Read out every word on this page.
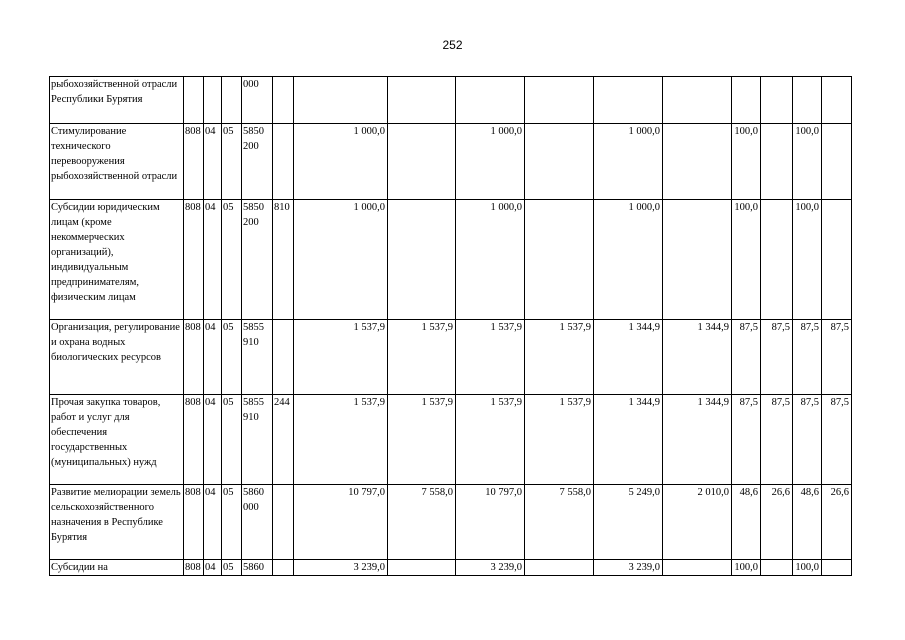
252
рыбохозяйственной отрасли Республики Бурятия				000											
Стимулирование технического перевооружения рыбохозяйственной отрасли	808	04	05	5850 200		1 000,0		1 000,0		1 000,0		100,0		100,0	
Субсидии юридическим лицам (кроме некоммерческих организаций), индивидуальным предпринимателям, физическим лицам	808	04	05	5850 200	810	1 000,0		1 000,0		1 000,0		100,0		100,0	
Организация, регулирование и охрана водных биологических ресурсов	808	04	05	5855 910		1 537,9	1 537,9	1 537,9	1 537,9	1 344,9	1 344,9	87,5	87,5	87,5	87,5
Прочая закупка товаров, работ и услуг для обеспечения государственных (муниципальных) нужд	808	04	05	5855 910	244	1 537,9	1 537,9	1 537,9	1 537,9	1 344,9	1 344,9	87,5	87,5	87,5	87,5
Развитие мелиорации земель сельскохозяйственного назначения в Республике Бурятия	808	04	05	5860 000		10 797,0	7 558,0	10 797,0	7 558,0	5 249,0	2 010,0	48,6	26,6	48,6	26,6
Субсидии на	808	04	05	5860		3 239,0		3 239,0		3 239,0		100,0		100,0	
